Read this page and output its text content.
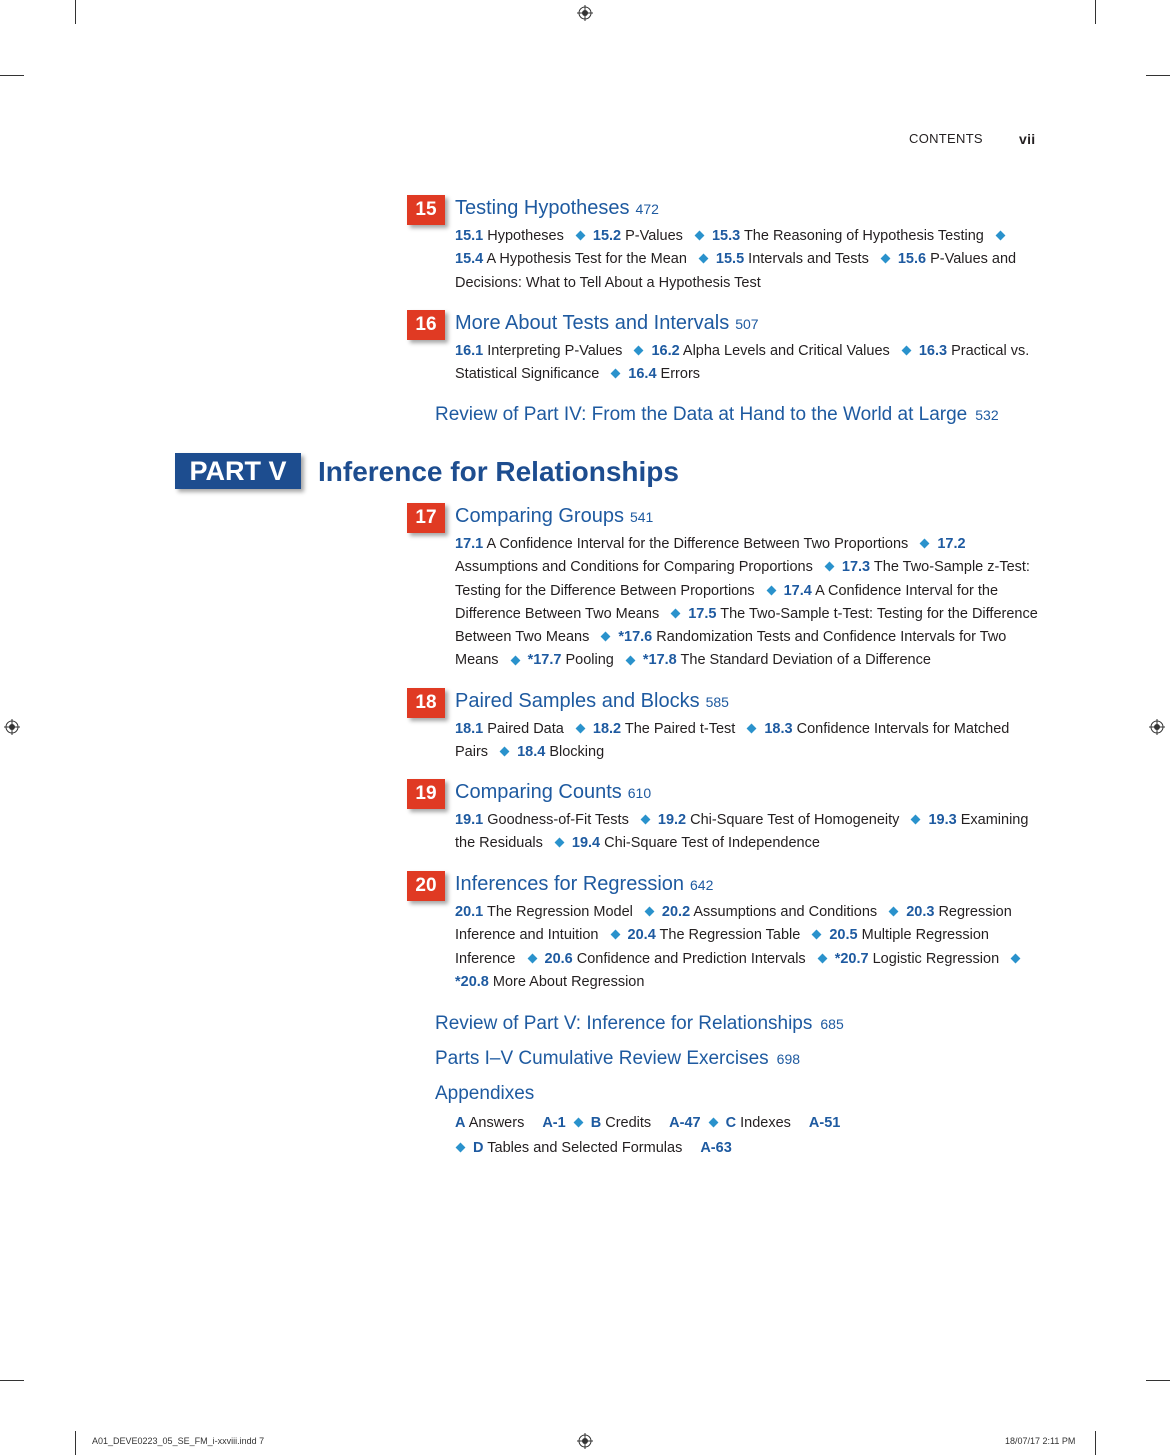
CONTENTS	vii
15 Testing Hypotheses 472
15.1 Hypotheses 15.2 P-Values 15.3 The Reasoning of Hypothesis Testing 15.4 A Hypothesis Test for the Mean 15.5 Intervals and Tests 15.6 P-Values and Decisions: What to Tell About a Hypothesis Test
16 More About Tests and Intervals 507
16.1 Interpreting P-Values 16.2 Alpha Levels and Critical Values 16.3 Practical vs. Statistical Significance 16.4 Errors
Review of Part IV: From the Data at Hand to the World at Large 532
PART V	Inference for Relationships
17 Comparing Groups 541
17.1 A Confidence Interval for the Difference Between Two Proportions 17.2 Assumptions and Conditions for Comparing Proportions 17.3 The Two-Sample z-Test: Testing for the Difference Between Proportions 17.4 A Confidence Interval for the Difference Between Two Means 17.5 The Two-Sample t-Test: Testing for the Difference Between Two Means *17.6 Randomization Tests and Confidence Intervals for Two Means *17.7 Pooling *17.8 The Standard Deviation of a Difference
18 Paired Samples and Blocks 585
18.1 Paired Data 18.2 The Paired t-Test 18.3 Confidence Intervals for Matched Pairs 18.4 Blocking
19 Comparing Counts 610
19.1 Goodness-of-Fit Tests 19.2 Chi-Square Test of Homogeneity 19.3 Examining the Residuals 19.4 Chi-Square Test of Independence
20 Inferences for Regression 642
20.1 The Regression Model 20.2 Assumptions and Conditions 20.3 Regression Inference and Intuition 20.4 The Regression Table 20.5 Multiple Regression Inference 20.6 Confidence and Prediction Intervals *20.7 Logistic Regression *20.8 More About Regression
Review of Part V: Inference for Relationships 685
Parts I–V Cumulative Review Exercises 698
Appendixes
A Answers A-1 B Credits A-47 C Indexes A-51
D Tables and Selected Formulas A-63
A01_DEVE0223_05_SE_FM_i-xxviii.indd 7	18/07/17 2:11 PM
